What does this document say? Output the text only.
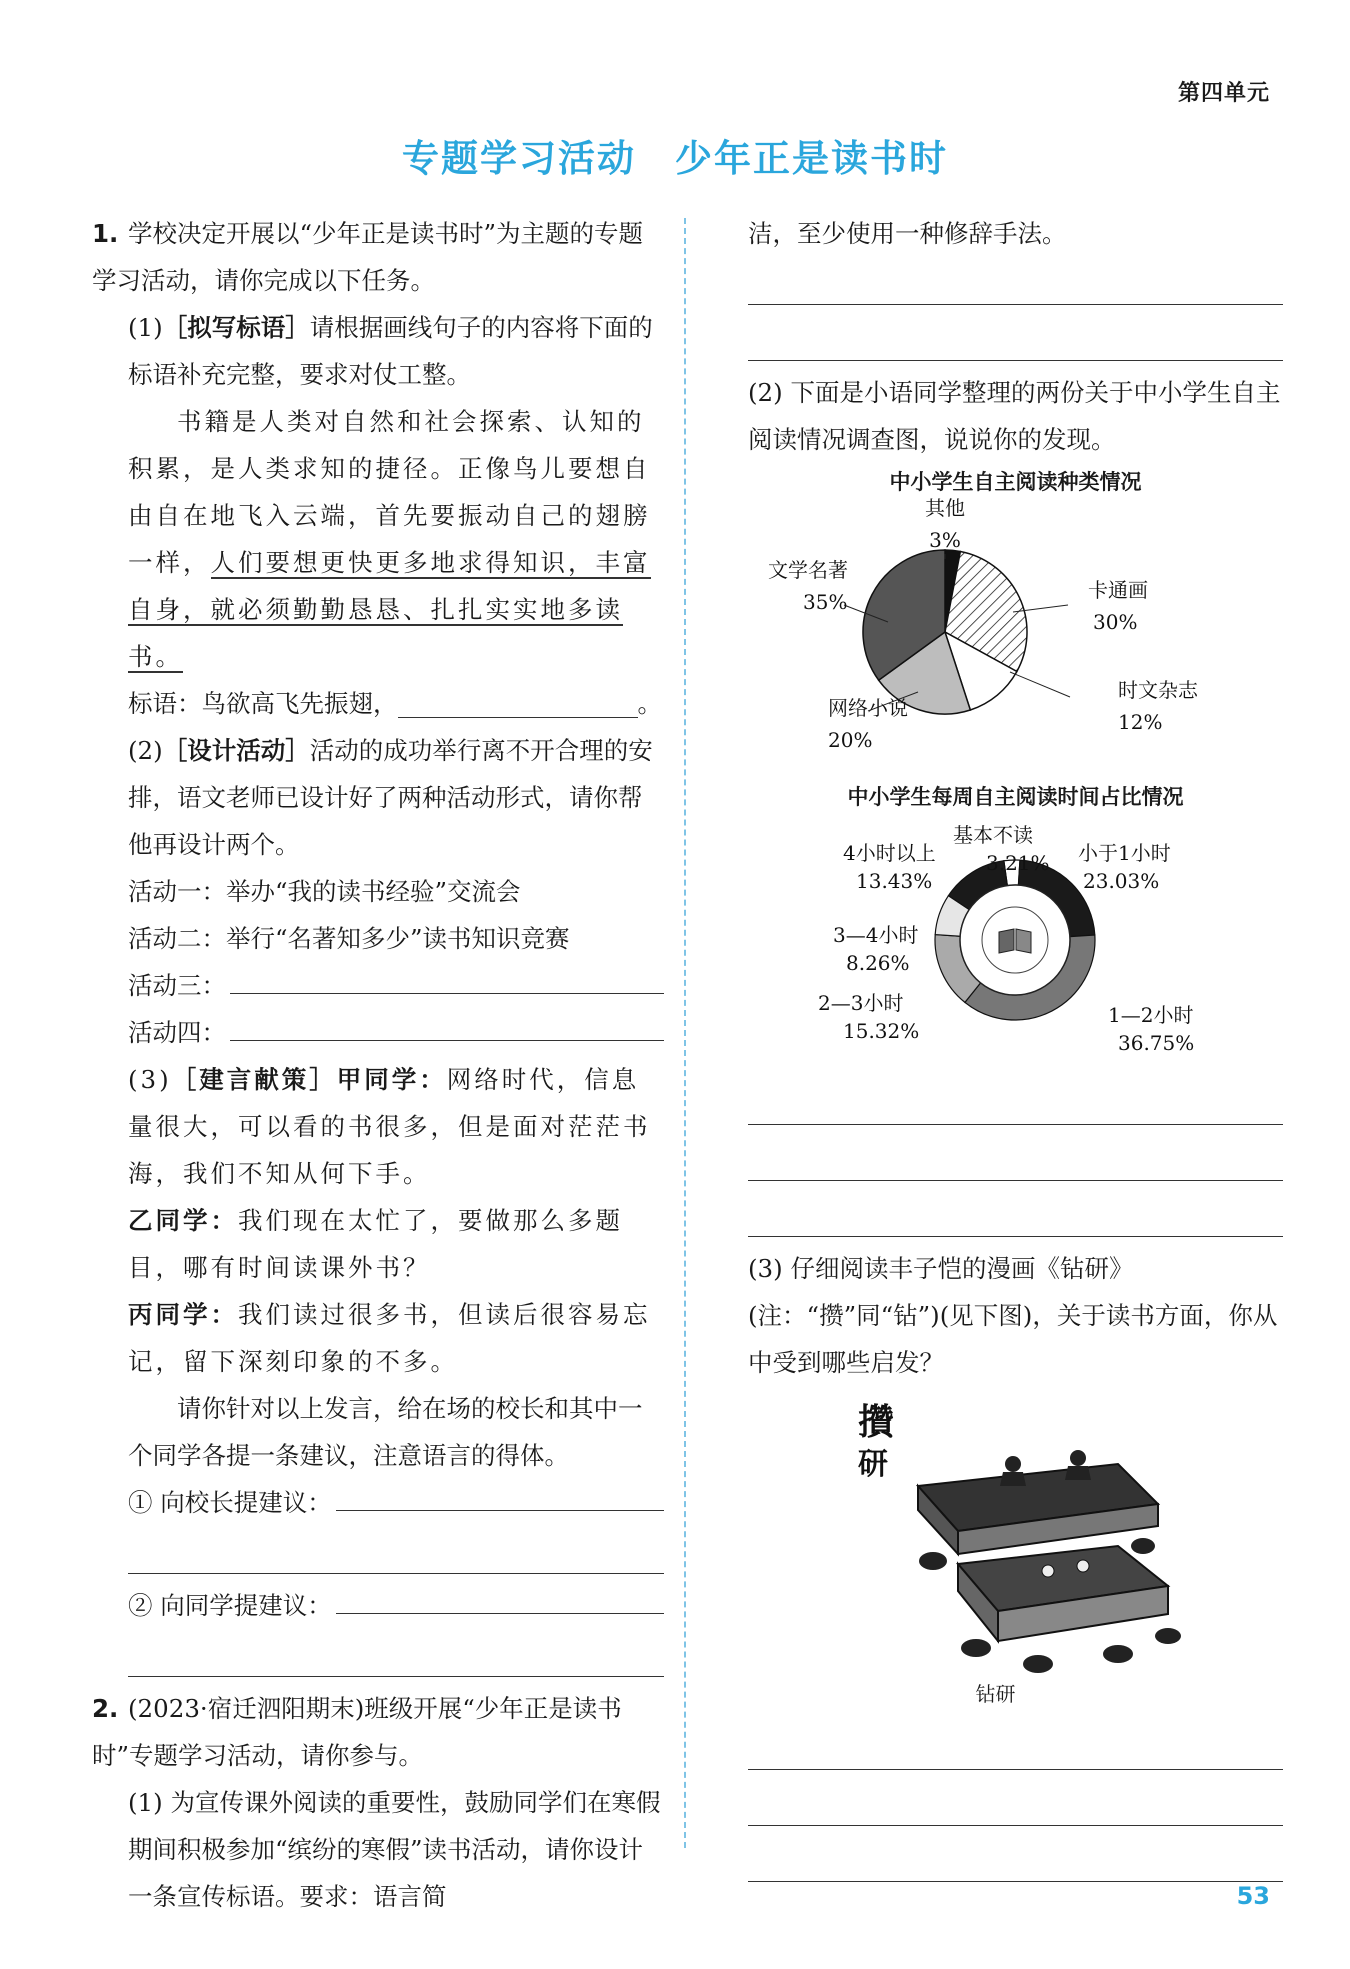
第四单元
专题学习活动　少年正是读书时

1. 学校决定开展以“少年正是读书时”为主题的专题学习活动，请你完成以下任务。

(1)［拟写标语］请根据画线句子的内容将下面的标语补充完整，要求对仗工整。

书籍是人类对自然和社会探索、认知的积累，是人类求知的捷径。正像鸟儿要想自由自在地飞入云端，首先要振动自己的翅膀一样，人们要想更快更多地求得知识，丰富自身，就必须勤勤恳恳、扎扎实实地多读书。

标语：鸟欲高飞先振翅，	。

(2)［设计活动］活动的成功举行离不开合理的安排，语文老师已设计好了两种活动形式，请你帮他再设计两个。

活动一：举办“我的读书经验”交流会

活动二：举行“名著知多少”读书知识竞赛

活动三：
活动四：

(3)［建言献策］甲同学：网络时代，信息量很大，可以看的书很多，但是面对茫茫书海，我们不知从何下手。

乙同学：我们现在太忙了，要做那么多题目，哪有时间读课外书？

丙同学：我们读过很多书，但读后很容易忘记，留下深刻印象的不多。

请你针对以上发言，给在场的校长和其中一个同学各提一条建议，注意语言的得体。

① 向校长提建议：
② 向同学提建议：

2. (2023·宿迁泗阳期末)班级开展“少年正是读书时”专题学习活动，请你参与。

(1) 为宣传课外阅读的重要性，鼓励同学们在寒假期间积极参加“缤纷的寒假”读书活动，请你设计一条宣传标语。要求：语言简

洁，至少使用一种修辞手法。

(2) 下面是小语同学整理的两份关于中小学生自主阅读情况调查图，说说你的发现。

中小学生自主阅读种类情况
其他
3%
卡通画
30%
时文杂志
12%
网络小说
20%
文学名著
35%
中小学生每周自主阅读时间占比情况
基本不读
3.21% 小于1小时
23.03%
1—2小时
36.75%
2—3小时
15.32%
3—4小时
8.26%
4小时以上
13.43%

(3) 仔细阅读丰子恺的漫画《钻研》(注：“攒”同“钻”)(见下图)，关于读书方面，你从中受到哪些启发？

攢
研
钻研
53
